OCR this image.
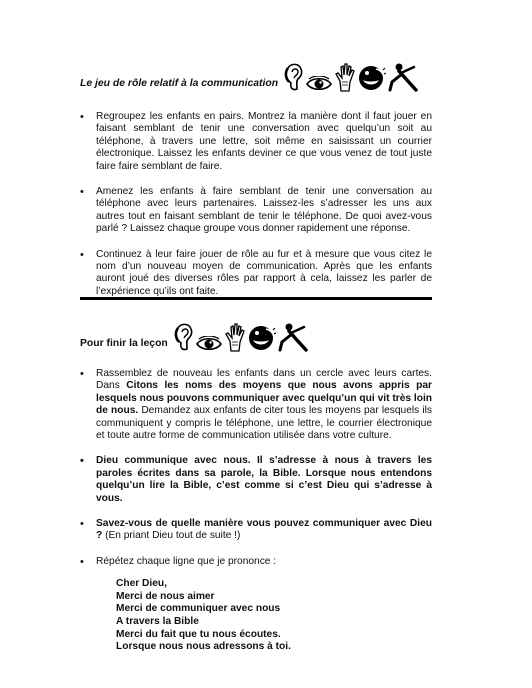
Le jeu de rôle relatif à la communication
• Regroupez les enfants en pairs. Montrez la manière dont il faut jouer en faisant semblant de tenir une conversation avec quelqu’un soit au téléphone, à travers une lettre, soit même en saisissant un courrier électronique. Laissez les enfants deviner ce que vous venez de tout juste faire faire semblant de faire.
• Amenez les enfants à faire semblant de tenir une conversation au téléphone avec leurs partenaires. Laissez-les s’adresser les uns aux autres tout en faisant semblant de tenir le téléphone. De quoi avez-vous parlé ? Laissez chaque groupe vous donner rapidement une réponse.
• Continuez à leur faire jouer de rôle au fur et à mesure que vous citez le nom d’un nouveau moyen de communication. Après que les enfants auront joué des diverses rôles par rapport à cela, laissez les parler de l’expérience qu’ils ont faite.
Pour finir la leçon
• Rassemblez de nouveau les enfants dans un cercle avec leurs cartes. Dans Citons les noms des moyens que nous avons appris par lesquels nous pouvons communiquer avec quelqu’un qui vit très loin de nous. Demandez aux enfants de citer tous les moyens par lesquels ils communiquent y compris le téléphone, une lettre, le courrier électronique et toute autre forme de communication utilisée dans votre culture.
• Dieu communique avec nous. Il s’adresse à nous à travers les paroles écrites dans sa parole, la Bible. Lorsque nous entendons quelqu’un lire la Bible, c’est comme si c’est Dieu qui s’adresse à vous.
• Savez-vous de quelle manière vous pouvez communiquer avec Dieu ? (En priant Dieu tout de suite !)
• Répétez chaque ligne que je prononce :
Cher Dieu,
Merci de nous aimer
Merci de communiquer avec nous
A travers la Bible
Merci du fait que tu nous écoutes.
Lorsque nous nous adressons à toi.
